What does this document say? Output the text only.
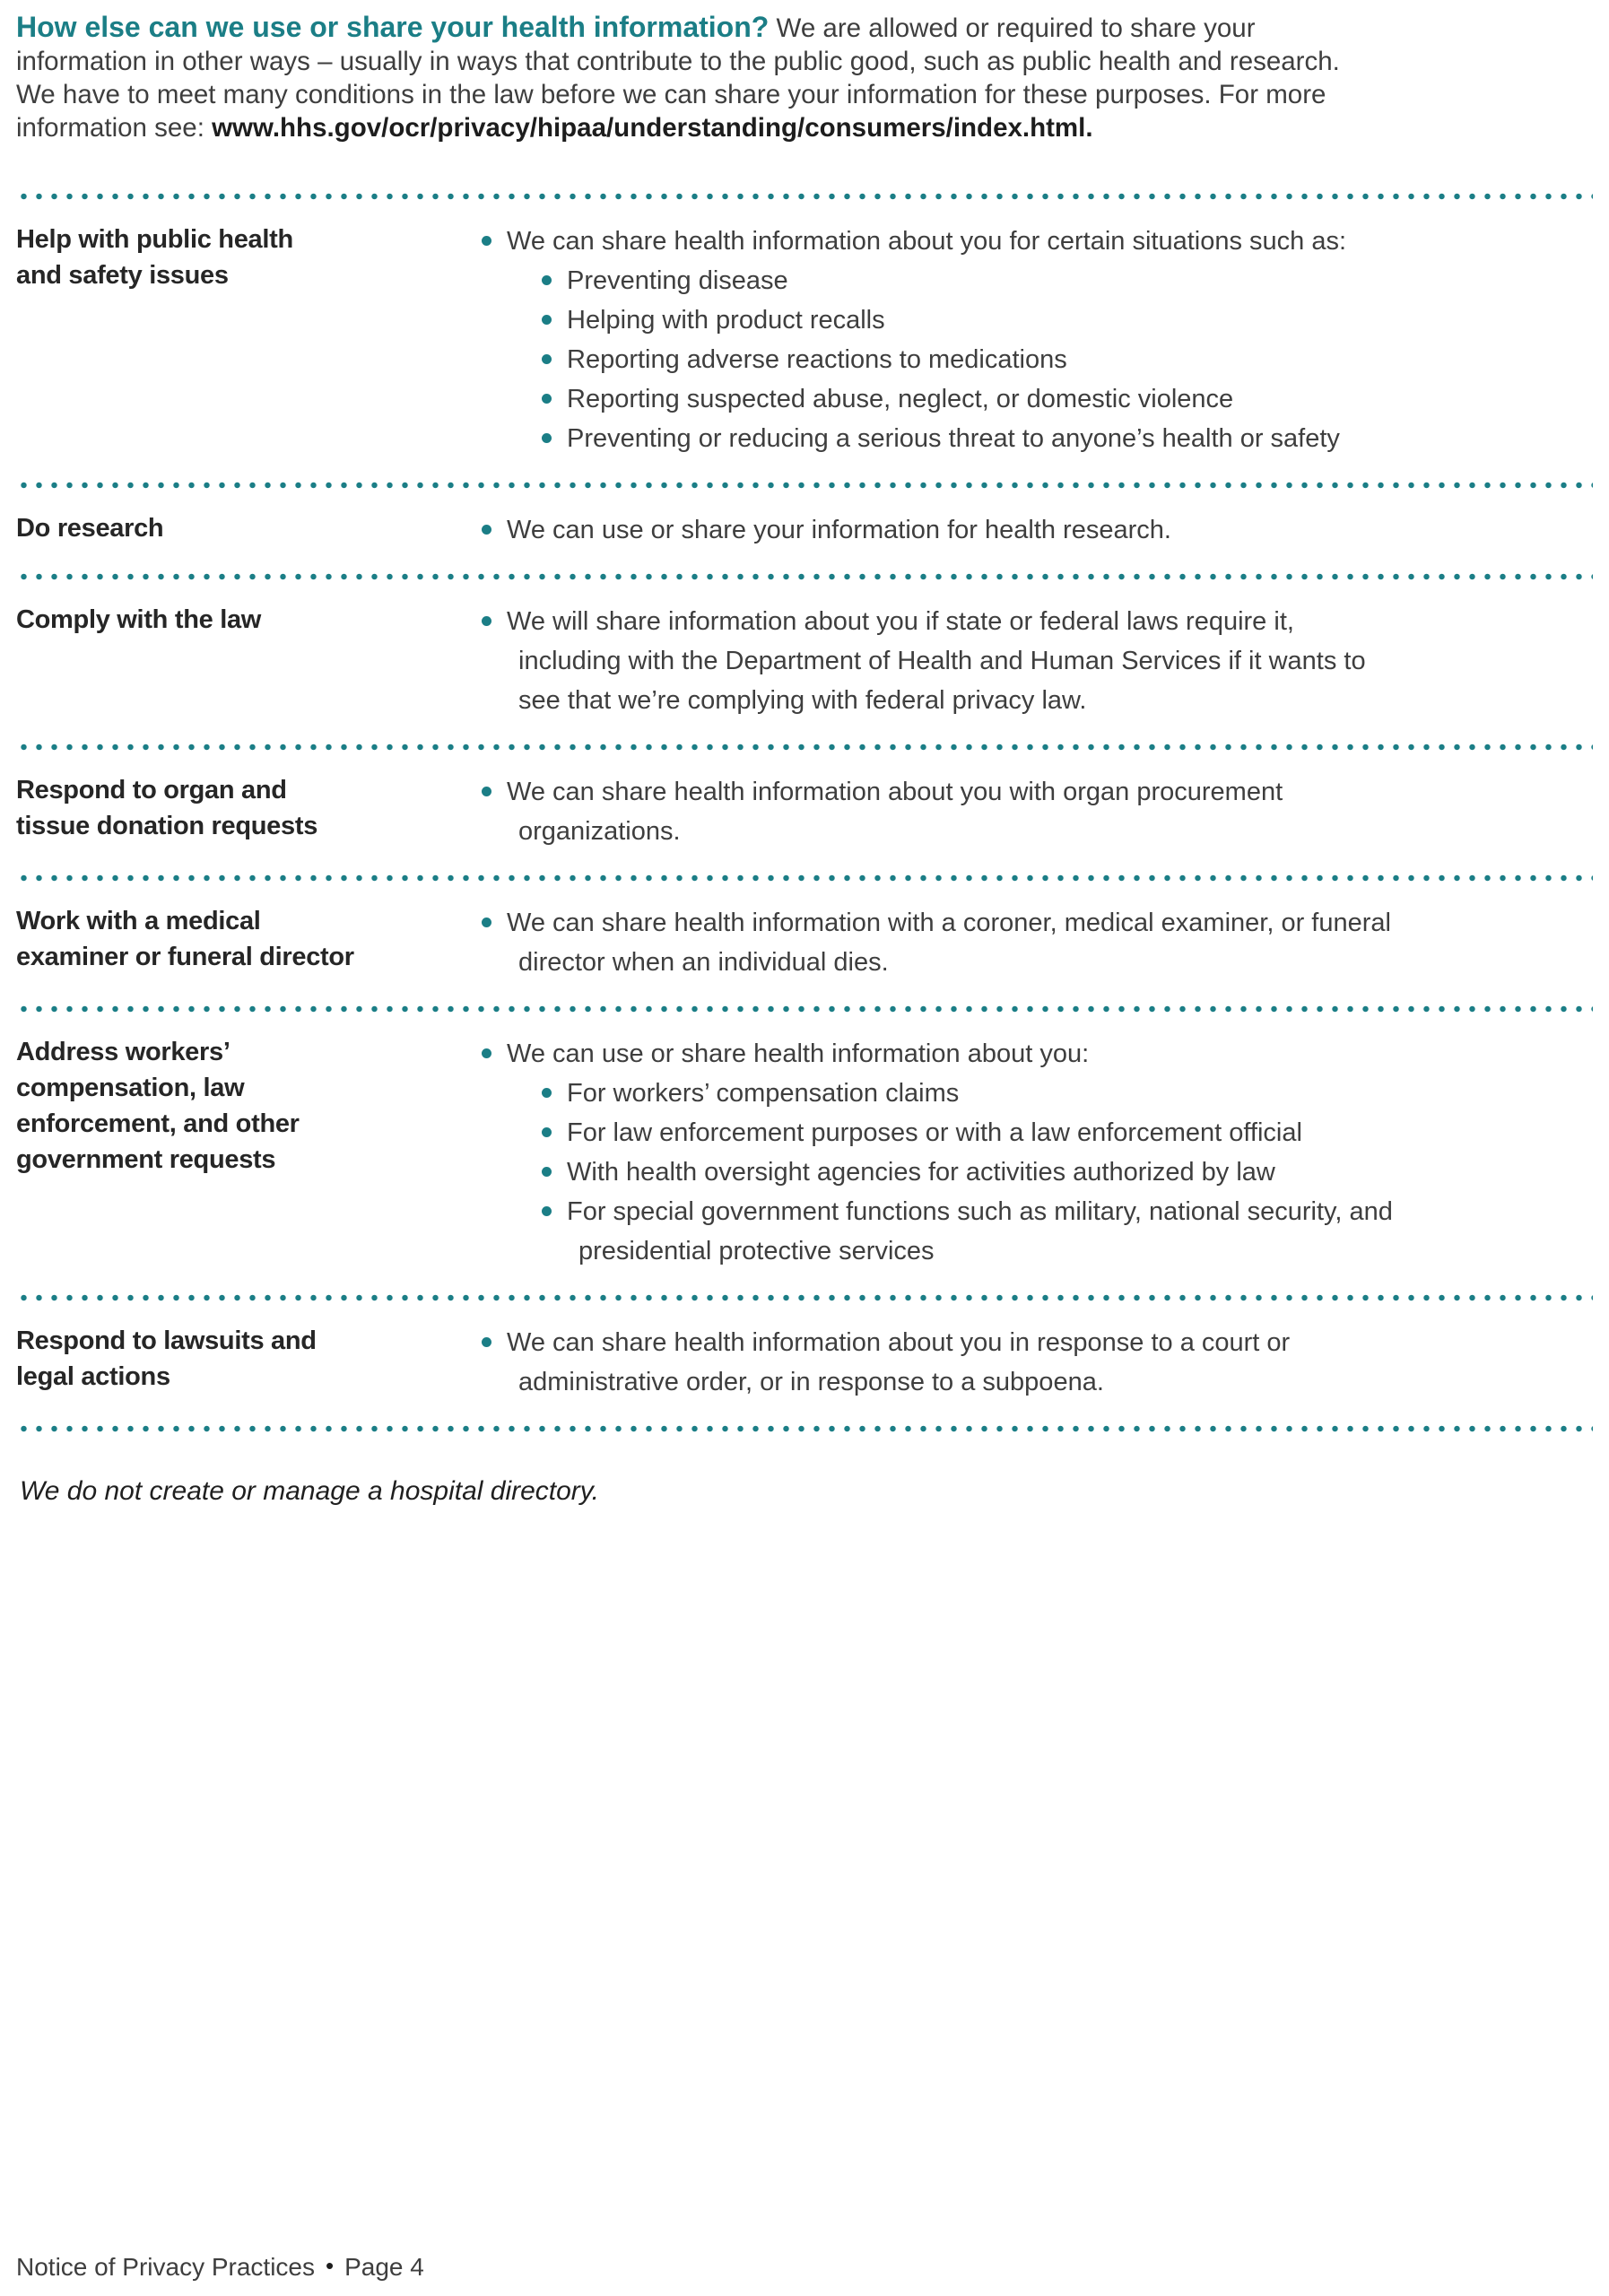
How else can we use or share your health information? We are allowed or required to share your
information in other ways – usually in ways that contribute to the public good, such as public health and research.
We have to meet many conditions in the law before we can share your information for these purposes. For more
information see: www.hhs.gov/ocr/privacy/hipaa/understanding/consumers/index.html.
Help with public health
and safety issues
We can share health information about you for certain situations such as:
Preventing disease
Helping with product recalls
Reporting adverse reactions to medications
Reporting suspected abuse, neglect, or domestic violence
Preventing or reducing a serious threat to anyone’s health or safety
Do research	We can use or share your information for health research.
Comply with the law	We will share information about you if state or federal laws require it,
including with the Department of Health and Human Services if it wants to
see that we’re complying with federal privacy law.
Respond to organ and
tissue donation requests
We can share health information about you with organ procurement
organizations.
Work with a medical
examiner or funeral director
We can share health information with a coroner, medical examiner, or funeral
director when an individual dies.
Address workers’
compensation, law
enforcement, and other
government requests
We can use or share health information about you:
For workers’ compensation claims
For law enforcement purposes or with a law enforcement official
With health oversight agencies for activities authorized by law
For special government functions such as military, national security, and
presidential protective services
Respond to lawsuits and
legal actions
We can share health information about you in response to a court or
administrative order, or in response to a subpoena.

We do not create or manage a hospital directory.

Notice of Privacy Practices • Page 4
